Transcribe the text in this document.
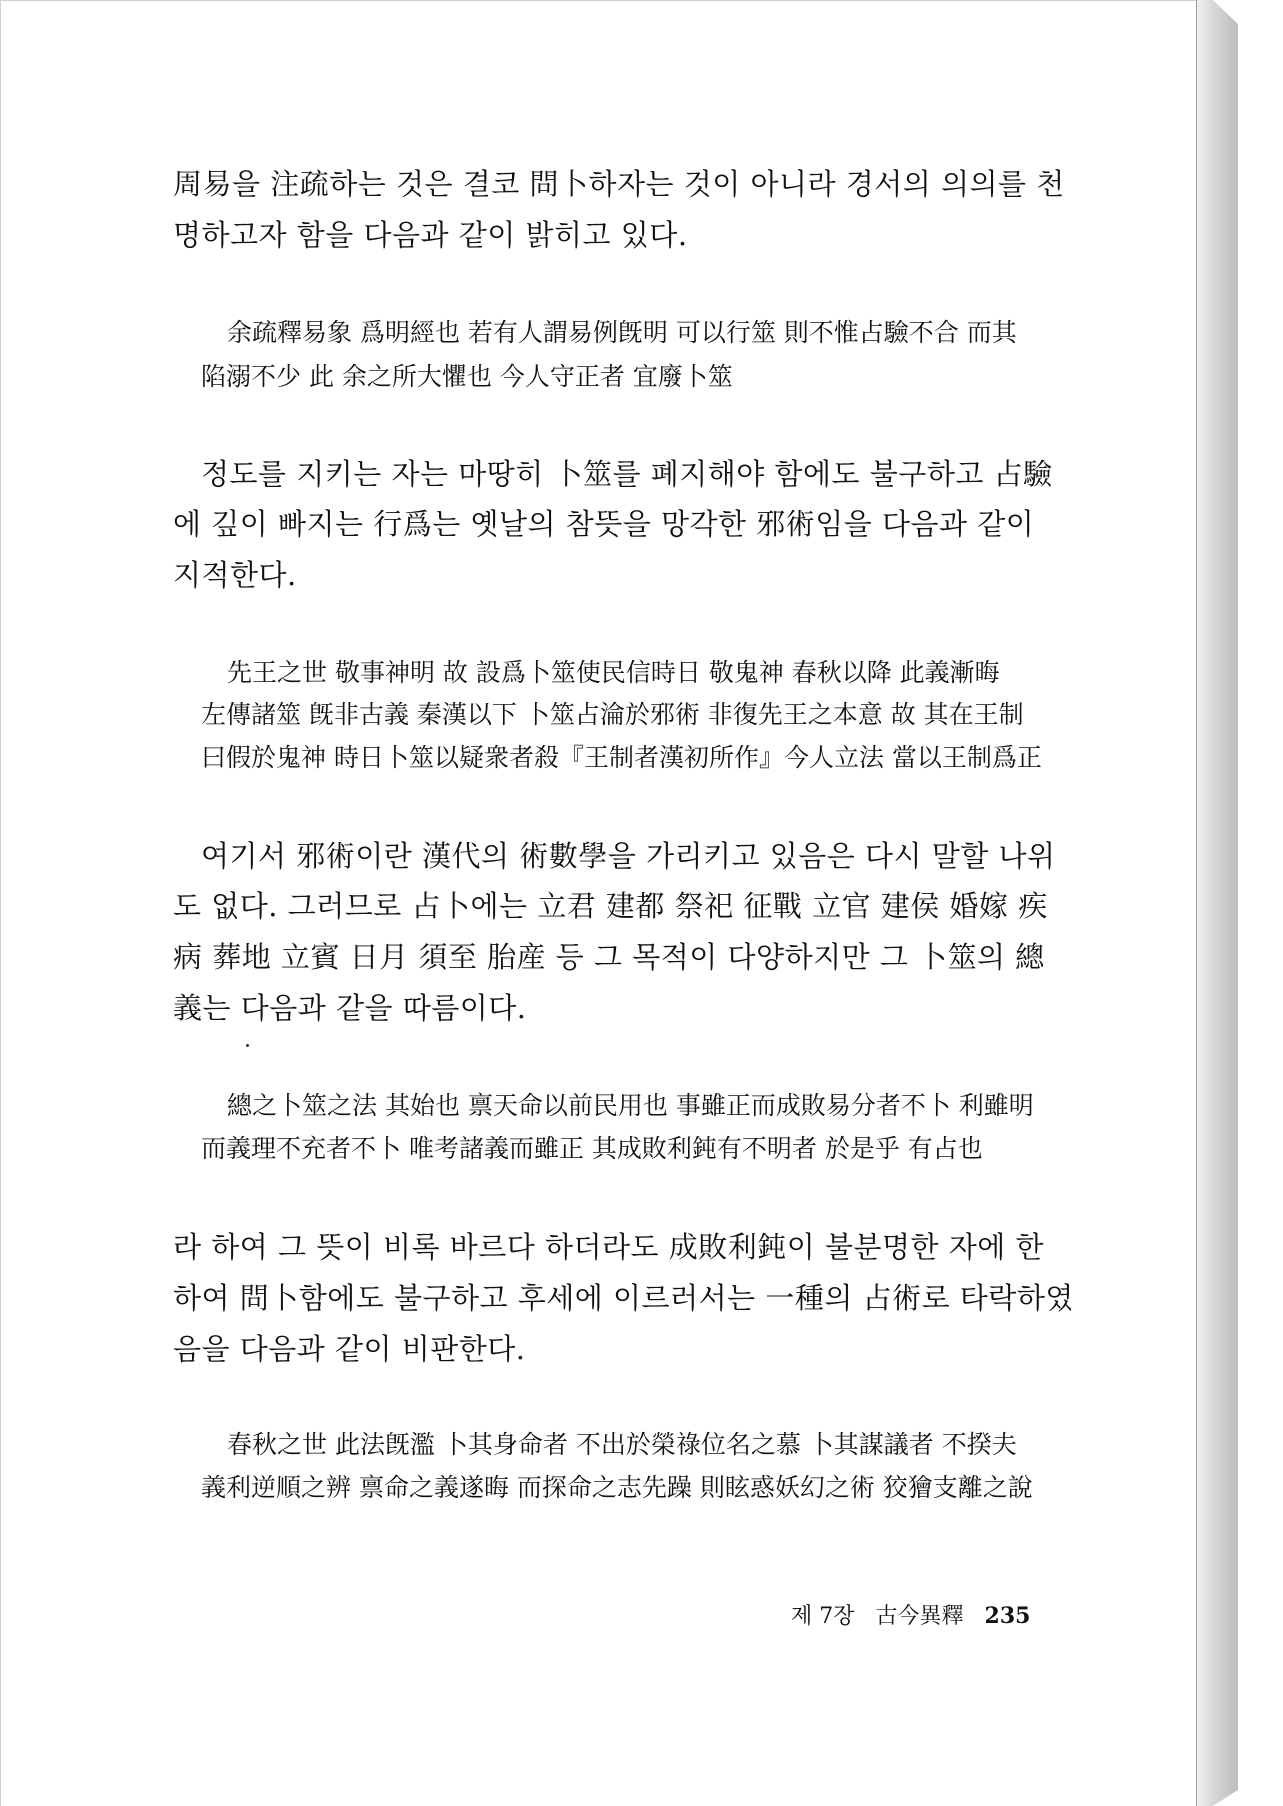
周易을 注疏하는 것은 결코 問卜하자는 것이 아니라 경서의 의의를 천
명하고자 함을 다음과 같이 밝히고 있다.
余疏釋易象 爲明經也 若有人謂易例旣明 可以行筮 則不惟占驗不合 而其
陷溺不少 此 余之所大懼也 今人守正者 宜廢卜筮
정도를 지키는 자는 마땅히 卜筮를 폐지해야 함에도 불구하고 占驗
에 깊이 빠지는 行爲는 옛날의 참뜻을 망각한 邪術임을 다음과 같이
지적한다.
先王之世 敬事神明 故 設爲卜筮使民信時日 敬鬼神 春秋以降 此義漸晦
左傳諸筮 旣非古義 秦漢以下 卜筮占淪於邪術 非復先王之本意 故 其在王制
曰假於鬼神 時日卜筮以疑衆者殺『王制者漢初所作』今人立法 當以王制爲正
여기서 邪術이란 漢代의 術數學을 가리키고 있음은 다시 말할 나위
도 없다. 그러므로 占卜에는 立君 建都 祭祀 征戰 立官 建侯 婚嫁 疾
病 葬地 立賓 日月 須至 胎産 등 그 목적이 다양하지만 그 卜筮의 總
義는 다음과 같을 따름이다.
總之卜筮之法 其始也 禀天命以前民用也 事雖正而成敗易分者不卜 利雖明
而義理不充者不卜 唯考諸義而雖正 其成敗利鈍有不明者 於是乎 有占也
라 하여 그 뜻이 비록 바르다 하더라도 成敗利鈍이 불분명한 자에 한
하여 問卜함에도 불구하고 후세에 이르러서는 一種의 占術로 타락하였
음을 다음과 같이 비판한다.
春秋之世 此法旣濫 卜其身命者 不出於榮祿位名之慕 卜其謀議者 不揆夫
義利逆順之辨 禀命之義遂晦 而探命之志先躁 則眩惑妖幻之術 狡獪支離之說
제 7장 古今異釋 235
